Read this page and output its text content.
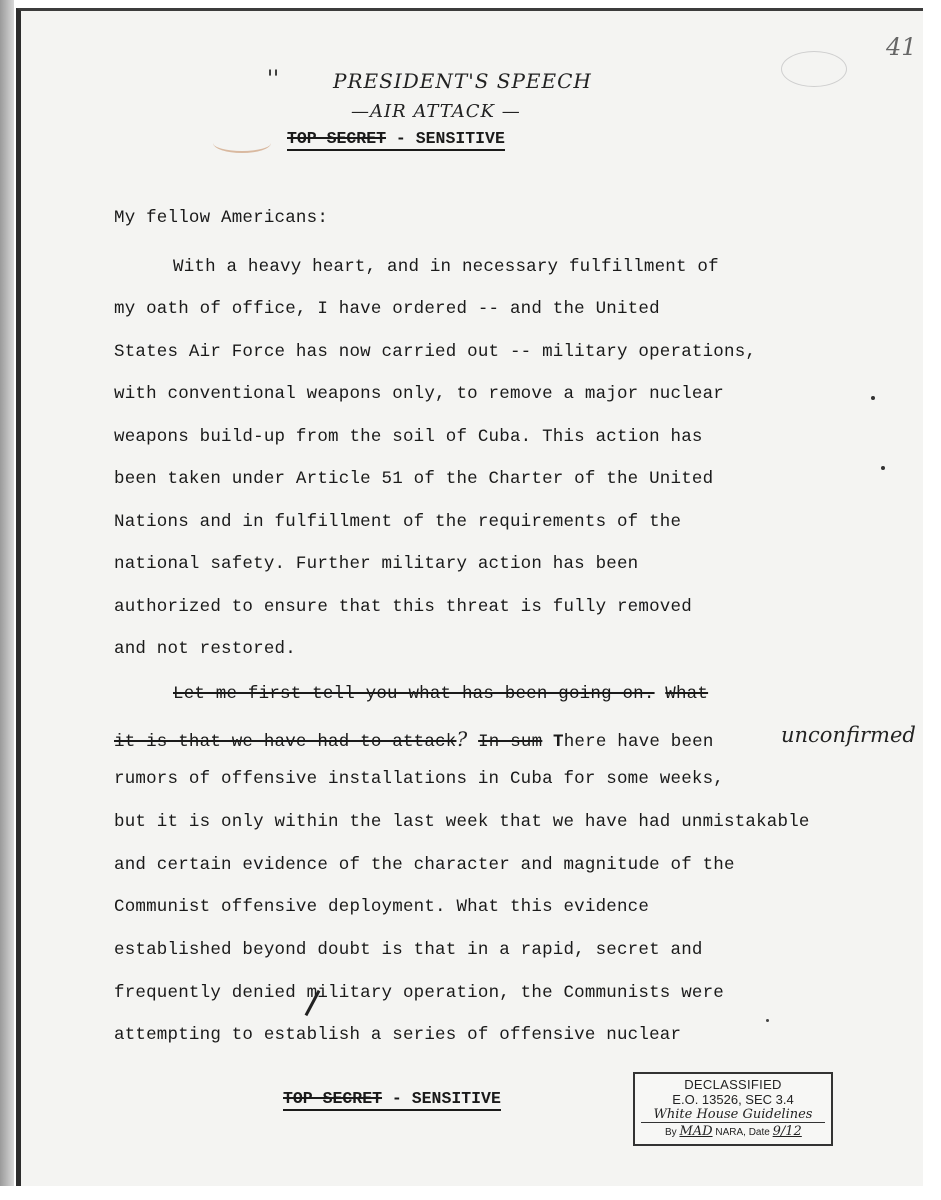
41
''	PRESIDENT'S SPEECH
—AIR ATTACK —
TOP SECRET - SENSITIVE
My fellow Americans:
With a heavy heart, and in necessary fulfillment of
my oath of office, I have ordered -- and the United
States Air Force has now carried out -- military operations,
with conventional weapons only, to remove a major nuclear
weapons build-up from the soil of Cuba. This action has
been taken under Article 51 of the Charter of the United
Nations and in fulfillment of the requirements of the
national safety. Further military action has been
authorized to ensure that this threat is fully removed
and not restored.
Let me first tell you what has been going on. What
it is that we have had to attack? In sum There have been	unconfirmed
rumors of offensive installations in Cuba for some weeks,
but it is only within the last week that we have had unmistakable
and certain evidence of the character and magnitude of the
Communist offensive deployment. What this evidence
established beyond doubt is that in a rapid, secret and
frequently denied military operation, the Communists were
attempting to establish a series of offensive nuclear
TOP SECRET - SENSITIVE
DECLASSIFIED
E.O. 13526, SEC 3.4
White House Guidelines
By MAD NARA, Date 9/12
